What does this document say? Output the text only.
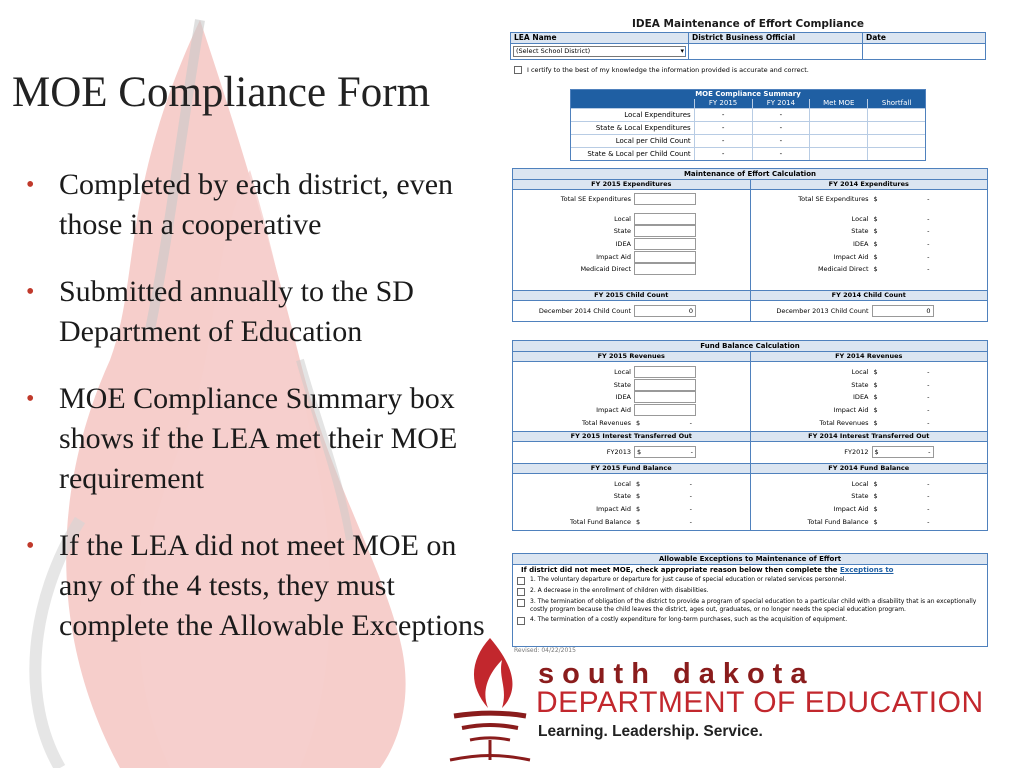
MOE Compliance Form
• Completed by each district, even those in a cooperative
• Submitted annually to the SD Department of Education
• MOE Compliance Summary box shows if the LEA met their MOE requirement
• If the LEA did not meet MOE on any of the 4 tests, they must complete the Allowable Exceptions
IDEA Maintenance of Effort Compliance
LEA Name	District Business Official	Date
(Select School District) ▾
I certify to the best of my knowledge the information provided is accurate and correct.
MOE Compliance Summary
FY 2015	FY 2014	Met MOE	Shortfall
Local Expenditures	-	-
State & Local Expenditures	-	-
Local per Child Count	-	-
State & Local per Child Count	-	-
Maintenance of Effort Calculation
FY 2015 Expenditures
Total SE Expenditures
Local
State
IDEA
Impact Aid
Medicaid Direct
FY 2015 Child Count
December 2014 Child Count	0
FY 2014 Expenditures
Total SE Expenditures $	-
Local $	-
State $	-
IDEA $	-
Impact Aid $	-
Medicaid Direct $	-
FY 2014 Child Count
December 2013 Child Count	0
Fund Balance Calculation
FY 2015 Revenues
Local
State
IDEA
Impact Aid
Total Revenues $	-
FY 2015 Interest Transferred Out
FY2013 $	-
FY 2015 Fund Balance
Local $	-
State $	-
Impact Aid $	-
Total Fund Balance $	-
FY 2014 Revenues
Local $	-
State $	-
IDEA $	-
Impact Aid $	-
Total Revenues $	-
FY 2014 Interest Transferred Out
FY2012 $	-
FY 2014 Fund Balance
Local $	-
State $	-
Impact Aid $	-
Total Fund Balance $	-
Allowable Exceptions to Maintenance of Effort
If district did not meet MOE, check appropriate reason below then complete the Exceptions to
1. The voluntary departure or departure for just cause of special education or related services personnel.
2. A decrease in the enrollment of children with disabilities.
3. The termination of obligation of the district to provide a program of special education to a particular child with a disability that is an exceptionally costly program because the child leaves the district, ages out, graduates, or no longer needs the special education program.
4. The termination of a costly expenditure for long-term purchases, such as the acquisition of equipment.
Revised: 04/22/2015
south dakota
DEPARTMENT OF EDUCATION
Learning. Leadership. Service.
